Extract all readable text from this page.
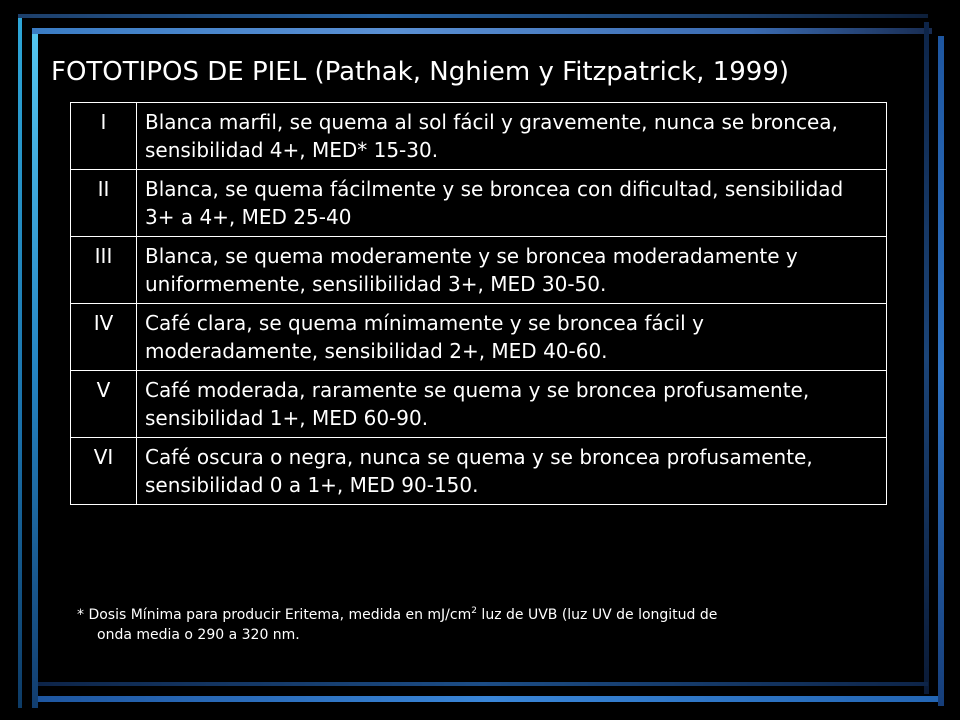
FOTOTIPOS DE PIEL (Pathak, Nghiem y Fitzpatrick, 1999)
I	Blanca marfil, se quema al sol fácil y gravemente, nunca se broncea, sensibilidad 4+, MED* 15-30.
II	Blanca, se quema fácilmente y se broncea con dificultad, sensibilidad 3+ a 4+, MED 25-40
III	Blanca, se quema moderamente y se broncea moderadamente y uniformemente, sensilibilidad 3+, MED 30-50.
IV	Café clara, se quema mínimamente y se broncea fácil y moderadamente, sensibilidad 2+, MED 40-60.
V	Café moderada, raramente se quema y se broncea profusamente, sensibilidad 1+, MED 60-90.
VI	Café oscura o negra, nunca se quema y se broncea profusamente, sensibilidad 0 a 1+, MED 90-150.
* Dosis Mínima para producir Eritema, medida en $mJ/cm^2$ luz de UVB (luz UV de longitud de
onda media o 290 a 320 nm.
